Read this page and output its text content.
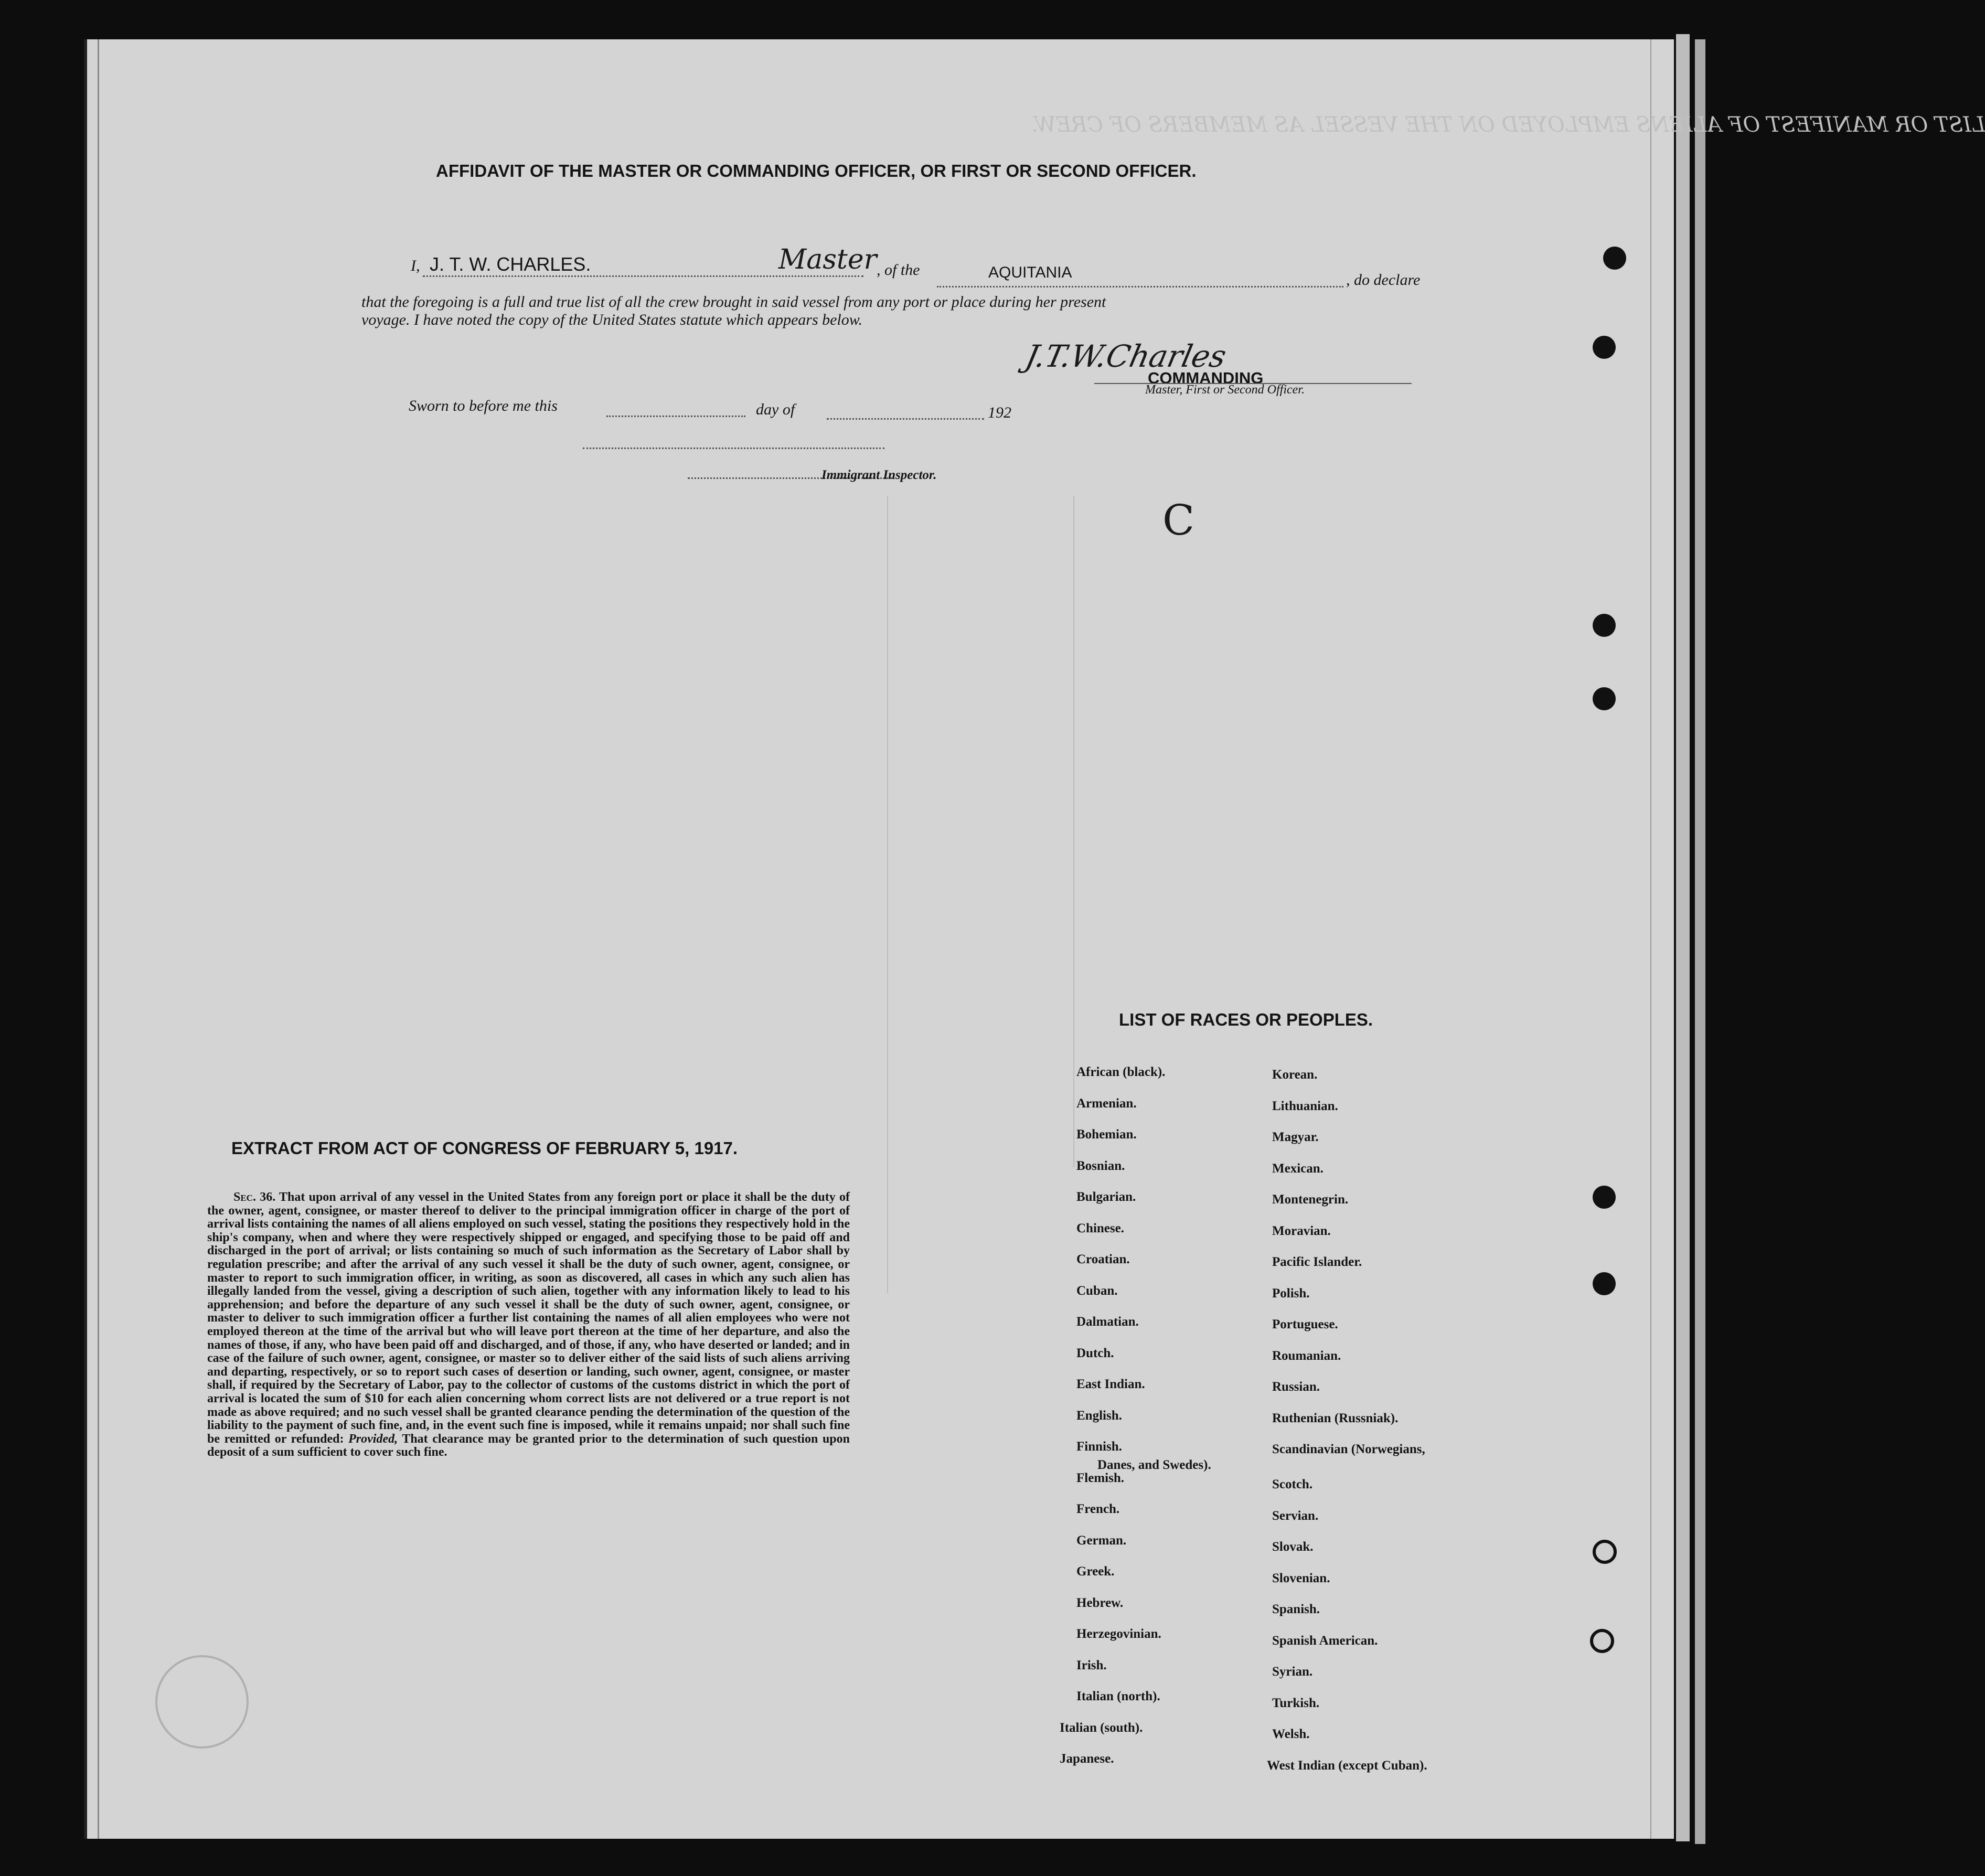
LIST OR MANIFEST OF ALIENS EMPLOYED ON THE VESSEL AS MEMBERS OF CREW.
AFFIDAVIT OF THE MASTER OR COMMANDING OFFICER, OR FIRST OR SECOND OFFICER.
I, J. T. W. CHARLES.	Master , of the	AQUITANIA	, do declare
that the foregoing is a full and true list of all the crew brought in said vessel from any port or place during her present
voyage. I have noted the copy of the United States statute which appears below.
J.T.W.Charles
COMMANDING
Master, First or Second Officer.
Sworn to before me this	day of	192
Immigrant Inspector.
C
EXTRACT FROM ACT OF CONGRESS OF FEBRUARY 5, 1917.

Sec. 36. That upon arrival of any vessel in the United States from any foreign port or place it shall be the duty of the owner, agent, consignee, or master thereof to deliver to the principal immigration officer in charge of the port of arrival lists containing the names of all aliens employed on such vessel, stating the positions they respectively hold in the ship's company, when and where they were respectively shipped or engaged, and specifying those to be paid off and discharged in the port of arrival; or lists containing so much of such information as the Secretary of Labor shall by regulation prescribe; and after the arrival of any such vessel it shall be the duty of such owner, agent, consignee, or master to report to such immigration officer, in writing, as soon as discovered, all cases in which any such alien has illegally landed from the vessel, giving a description of such alien, together with any information likely to lead to his apprehension; and before the departure of any such vessel it shall be the duty of such owner, agent, consignee, or master to deliver to such immigration officer a further list containing the names of all alien employees who were not employed thereon at the time of the arrival but who will leave port thereon at the time of her departure, and also the names of those, if any, who have been paid off and discharged, and of those, if any, who have deserted or landed; and in case of the failure of such owner, agent, consignee, or master so to deliver either of the said lists of such aliens arriving and departing, respectively, or so to report such cases of desertion or landing, such owner, agent, consignee, or master shall, if required by the Secretary of Labor, pay to the collector of customs of the customs district in which the port of arrival is located the sum of $10 for each alien concerning whom correct lists are not delivered or a true report is not made as above required; and no such vessel shall be granted clearance pending the determination of the question of the liability to the payment of such fine, and, in the event such fine is imposed, while it remains unpaid; nor shall such fine be remitted or refunded: Provided, That clearance may be granted prior to the determination of such question upon deposit of a sum sufficient to cover such fine.

LIST OF RACES OR PEOPLES.
African (black).
Armenian.
Bohemian.
Bosnian.
Bulgarian.
Chinese.
Croatian.
Cuban.
Dalmatian.
Dutch.
East Indian.
English.
Finnish.
Flemish.
French.
German.
Greek.
Hebrew.
Herzegovinian.
Irish.
Italian (north).
Italian (south).
Japanese.
Korean.
Lithuanian.
Magyar.
Mexican.
Montenegrin.
Moravian.
Pacific Islander.
Polish.
Portuguese.
Roumanian.
Russian.
Ruthenian (Russniak).
Scandinavian (Norwegians,
Danes, and Swedes).
Scotch.
Servian.
Slovak.
Slovenian.
Spanish.
Spanish American.
Syrian.
Turkish.
Welsh.
West Indian (except Cuban).
